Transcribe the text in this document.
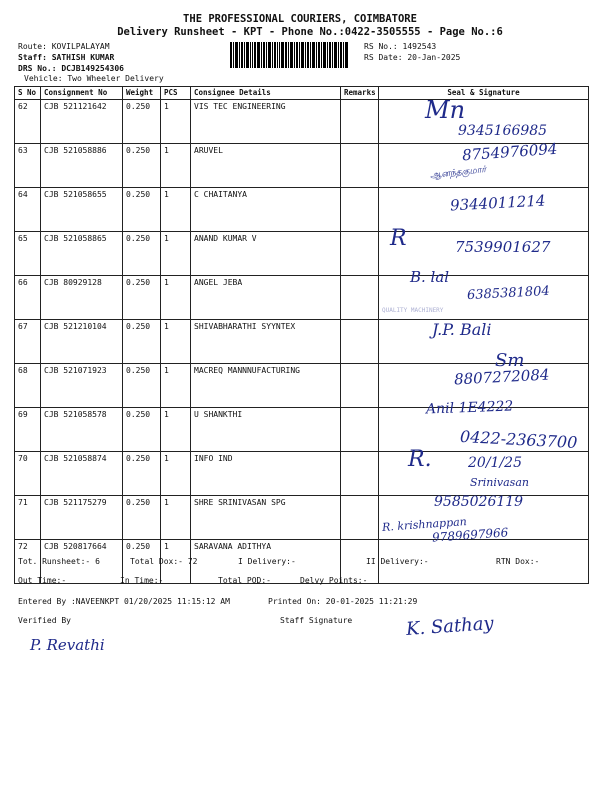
THE PROFESSIONAL COURIERS, COIMBATORE
Delivery Runsheet - KPT - Phone No.:0422-3505555 - Page No.:6
Route: KOVILPALAYAM
Staff: SATHISH KUMAR
DRS No.: DCJB149254306
Vehicle: Two Wheeler Delivery
RS No.: 1492543
RS Date: 20-Jan-2025
S No	Consignment No	Weight	PCS	Consignee Details	Remarks	Seal & Signature
62	CJB 521121642	0.250	1	VIS TEC ENGINEERING		
63	CJB 521058886	0.250	1	ARUVEL		
64	CJB 521058655	0.250	1	C CHAITANYA		
65	CJB 521058865	0.250	1	ANAND KUMAR V		
66	CJB 80929128	0.250	1	ANGEL JEBA		
67	CJB 521210104	0.250	1	SHIVABHARATHI SYYNTEX		
68	CJB 521071923	0.250	1	MACREQ MANNNUFACTURING		
69	CJB 521058578	0.250	1	U SHANKTHI		
70	CJB 521058874	0.250	1	INFO IND		
71	CJB 521175279	0.250	1	SHRE SRINIVASAN SPG		
72	CJB 520817664	0.250	1	SARAVANA ADITHYA		
Mn
9345166985
8754976094
ஆனந்தகுமார்
9344011214
R	7539901627
B. lal
6385381804
QUALITY MACHINERY
J.P. Bali
Sm
8807272084
Anil 1E4222
R.
0422-2363700
20/1/25
Srinivasan
9585026119
R. krishnappan
9789697966
Tot. Runsheet:- 6	Total Dox:- 72	I Delivery:-	II Delivery:-	RTN Dox:-
Out Time:-	In Time:-	Total POD:-	Delvy Points:-
Entered By :NAVEENKPT 01/20/2025 11:15:12 AM	Printed On: 20-01-2025 11:21:29
Verified By	Staff Signature
P. Revathi
K. Sathay
